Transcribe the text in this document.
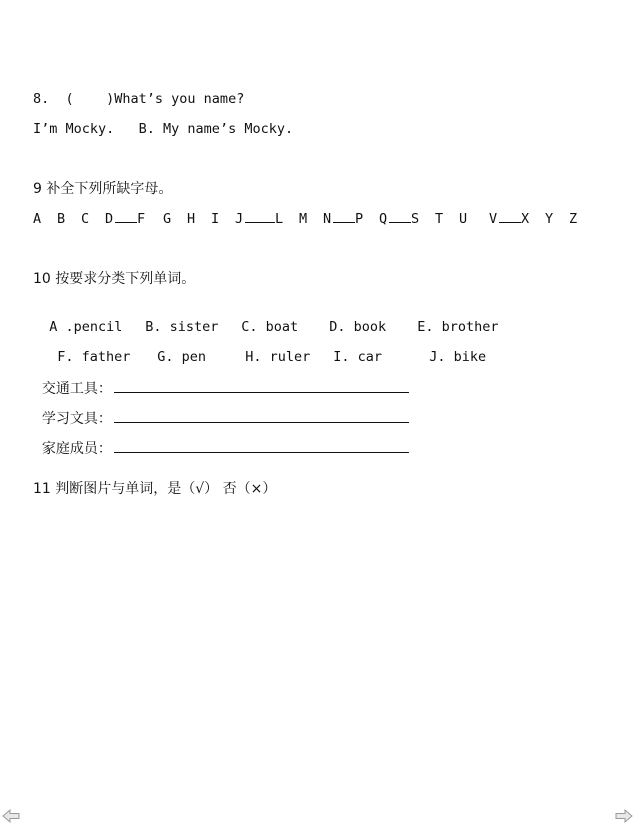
8.  (    )What’s you name?
I’m Mocky.   B. My name’s Mocky.
9 补全下列所缺字母。
A	B	C	D F	G	H	I	J L	M	N P	Q S	T	U	V X	Y	Z
10 按要求分类下列单词。

A .pencil B. sister C. boat D. book E. brother

F. father G. pen	H. ruler I. car	J. bike

交通工具：

学习文具：

家庭成员：

11 判断图片与单词，是（√） 否（×）
